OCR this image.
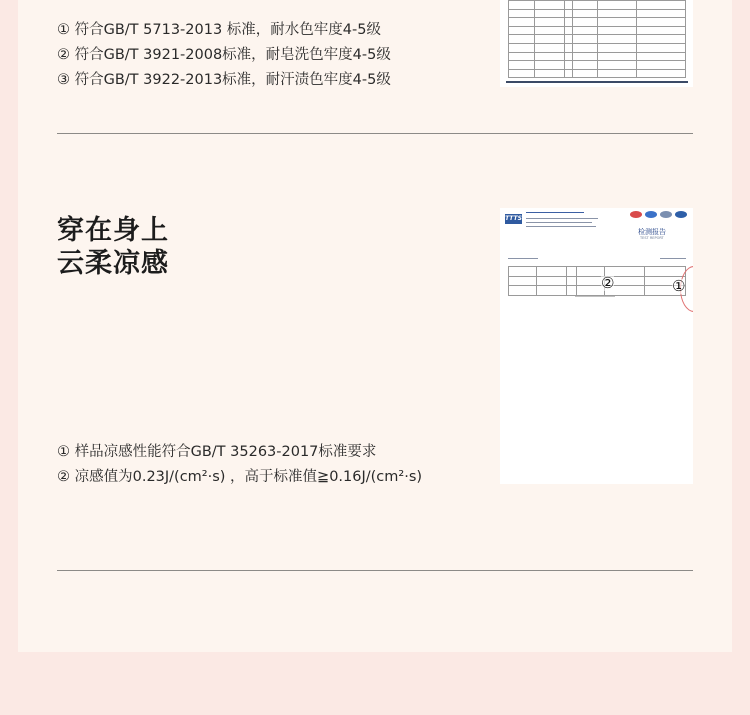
① 符合GB/T 5713-2013 标准，耐水色牢度4-5级
② 符合GB/T 3921-2008标准，耐皂洗色牢度4-5级
③ 符合GB/T 3922-2013标准，耐汗渍色牢度4-5级
穿在身上
云柔凉感
TTTS
检测报告
TEST REPORT

②	①
① 样品凉感性能符合GB/T 35263-2017标准要求
② 凉感值为0.23J/(cm²·s) ，高于标准值≧0.16J/(cm²·s)
